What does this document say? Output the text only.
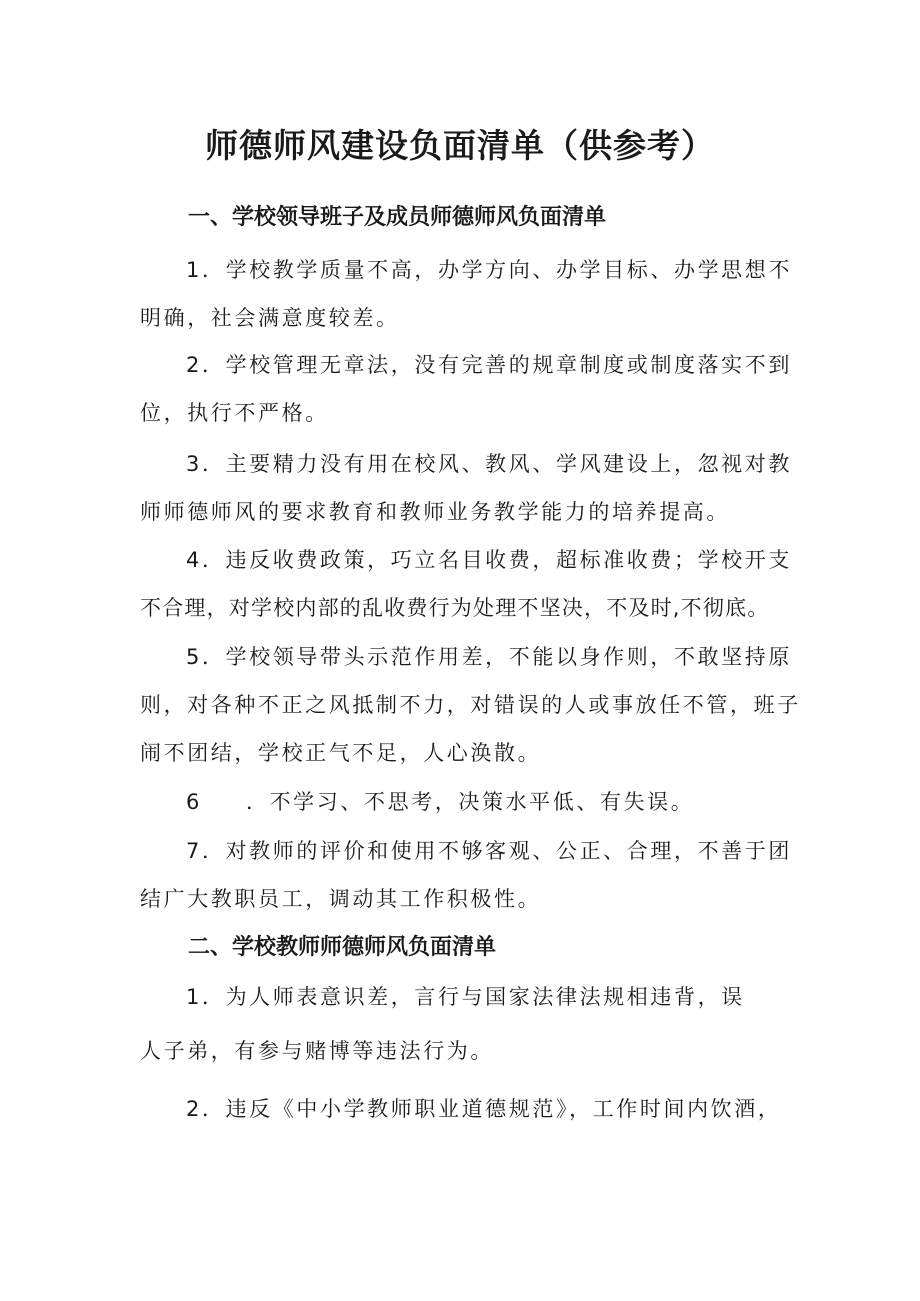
师德师风建设负面清单（供参考）
一、学校领导班子及成员师德师风负面清单

1．学校教学质量不高，办学方向、办学目标、办学思想不

明确，社会满意度较差。

2．学校管理无章法，没有完善的规章制度或制度落实不到

位，执行不严格。

3．主要精力没有用在校风、教风、学风建设上，忽视对教

师师德师风的要求教育和教师业务教学能力的培养提高。

4．违反收费政策，巧立名目收费，超标准收费；学校开支

不合理，对学校内部的乱收费行为处理不坚决，不及时,不彻底。

5．学校领导带头示范作用差，不能以身作则，不敢坚持原

则，对各种不正之风抵制不力，对错误的人或事放任不管，班子

闹不团结，学校正气不足，人心涣散。

6 ．不学习、不思考，决策水平低、有失误。

7．对教师的评价和使用不够客观、公正、合理，不善于团

结广大教职员工，调动其工作积极性。

二、学校教师师德师风负面清单

1．为人师表意识差，言行与国家法律法规相违背，误

人子弟，有参与赌博等违法行为。

2．违反《中小学教师职业道德规范》，工作时间内饮酒，
